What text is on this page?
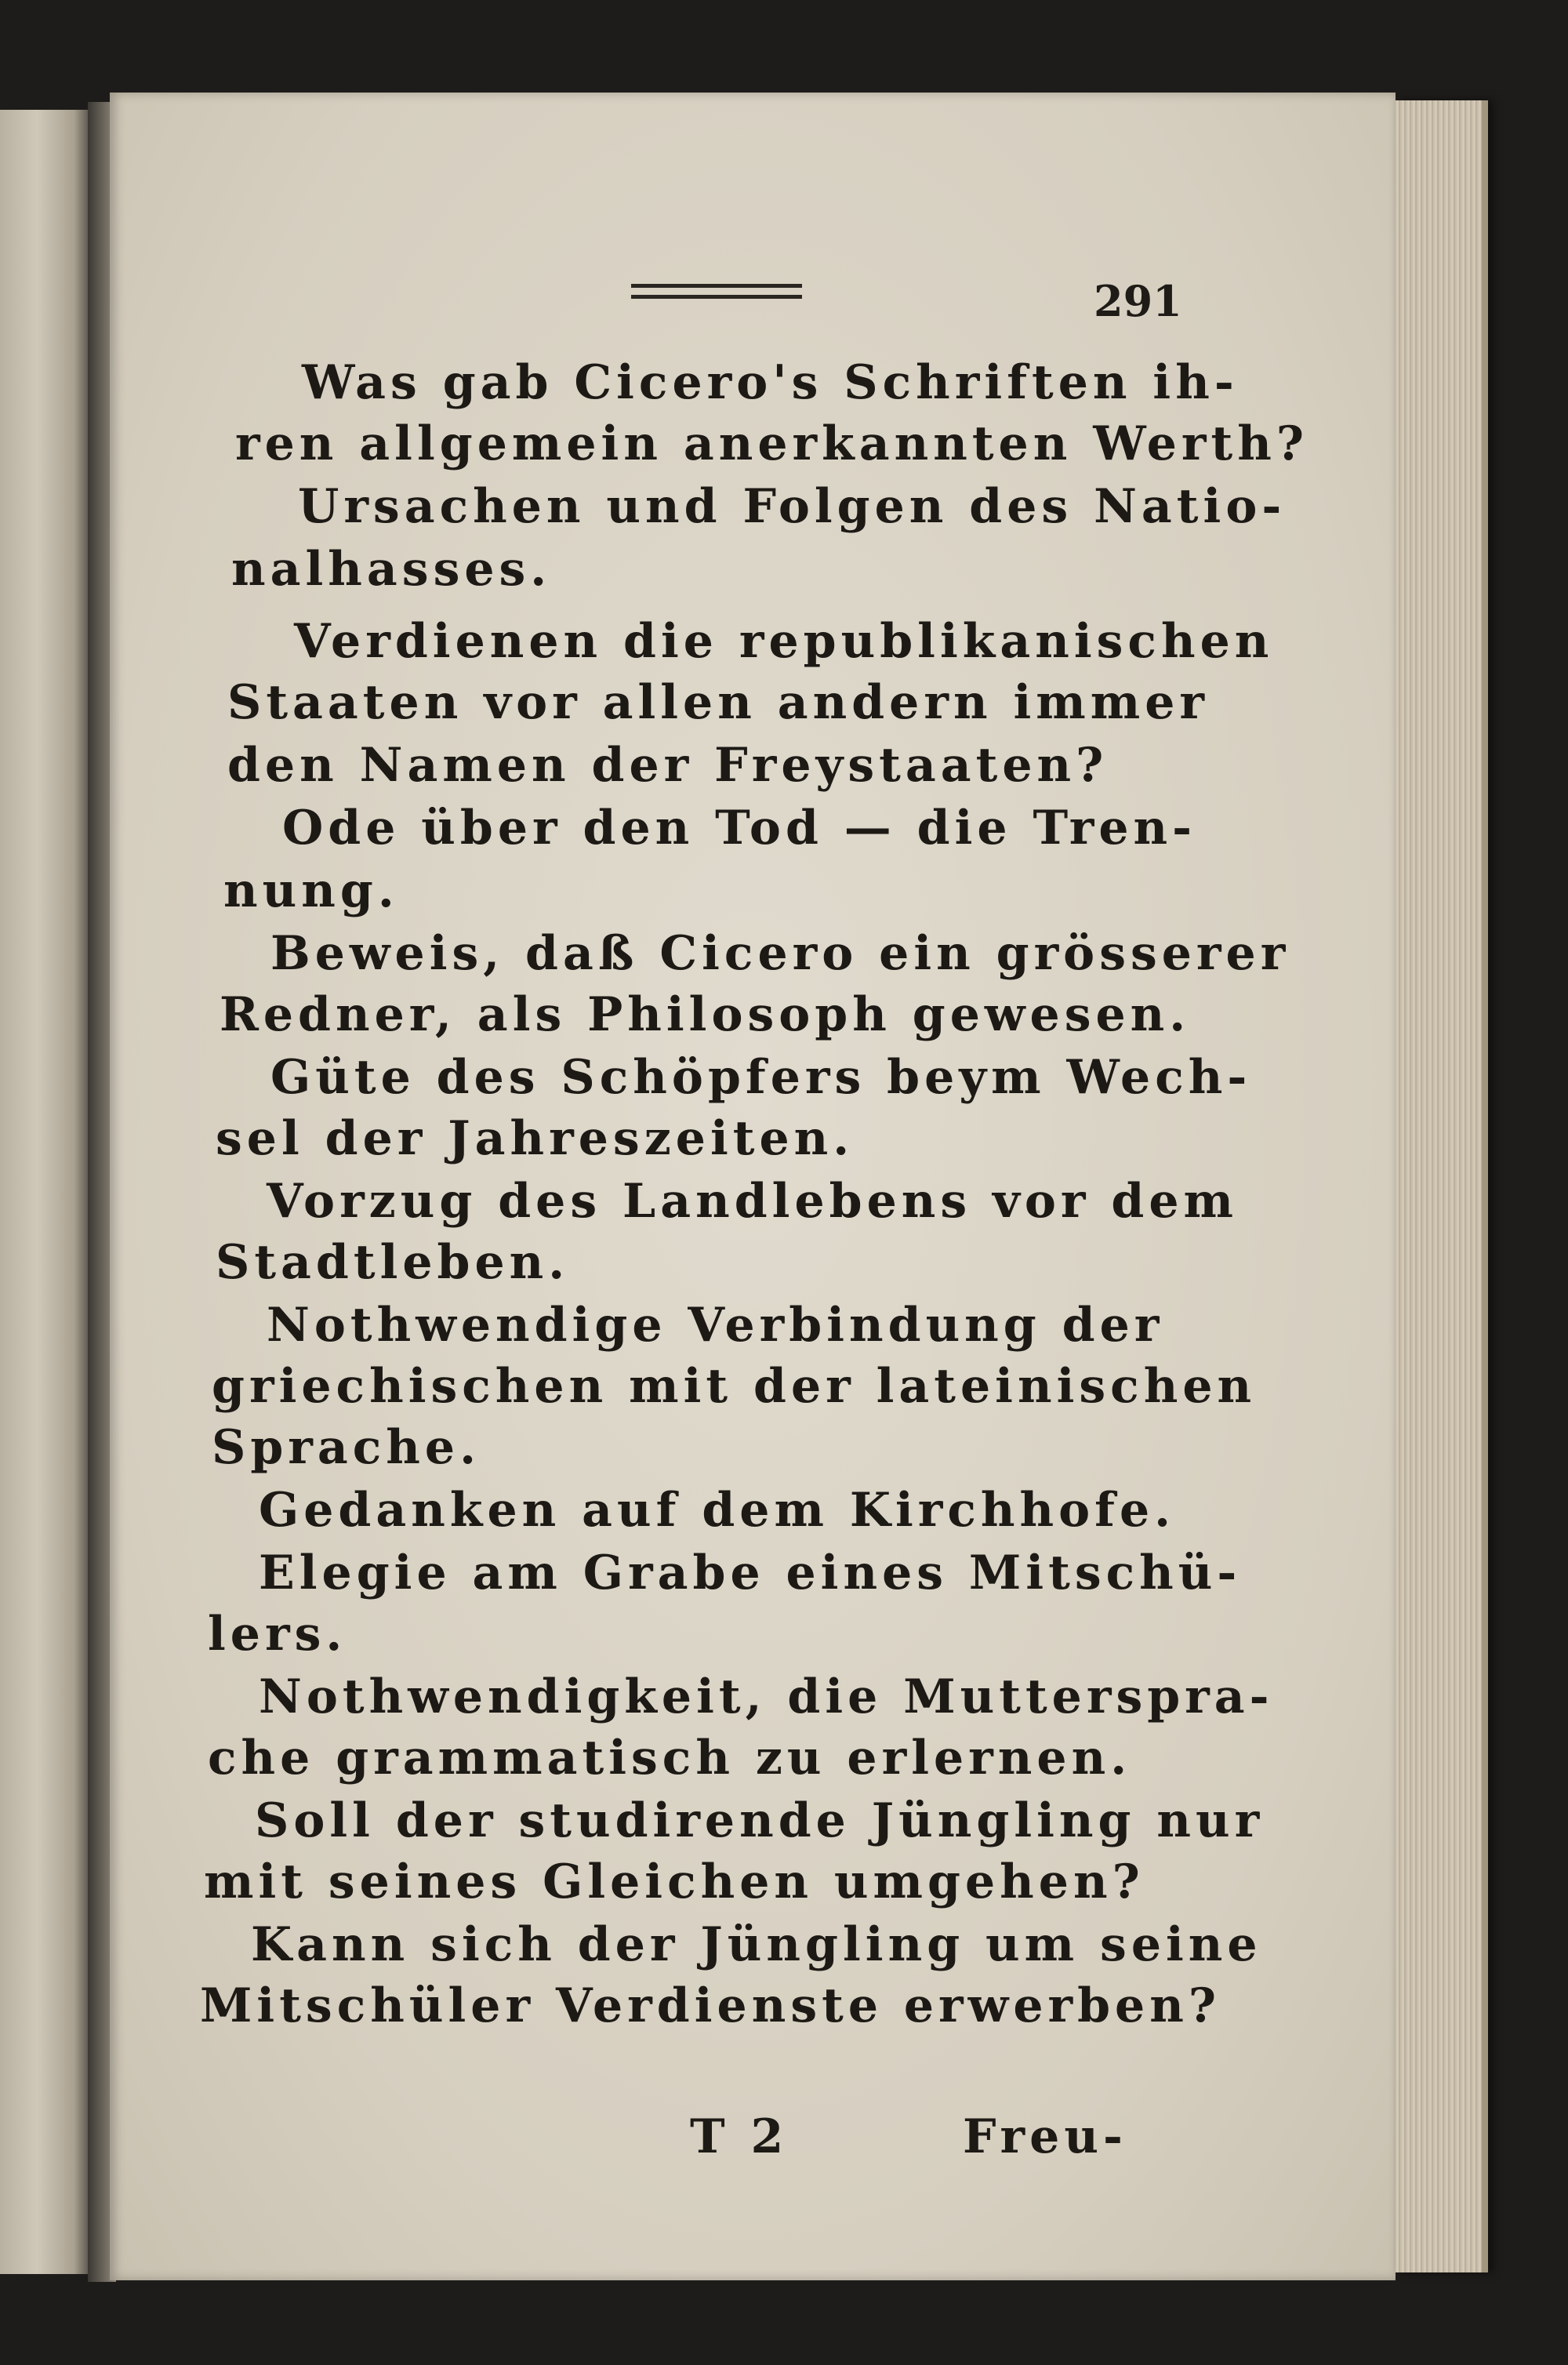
291

Was gab Cicero's Schriften ih-

ren allgemein anerkannten Werth?

Ursachen und Folgen des Natio-

nalhasses.

Verdienen die republikanischen

Staaten vor allen andern immer

den Namen der Freystaaten?

Ode über den Tod — die Tren-

nung.

Beweis, daß Cicero ein grösserer

Redner, als Philosoph gewesen.

Güte des Schöpfers beym Wech-

sel der Jahreszeiten.

Vorzug des Landlebens vor dem

Stadtleben.

Nothwendige Verbindung der

griechischen mit der lateinischen

Sprache.

Gedanken auf dem Kirchhofe.

Elegie am Grabe eines Mitschü-

lers.

Nothwendigkeit, die Muttersprа-

che grammatisch zu erlernen.

Soll der studirende Jüngling nur

mit seines Gleichen umgehen?

Kann sich der Jüngling um seine

Mitschüler Verdienste erwerben?

T 2	Freu-
